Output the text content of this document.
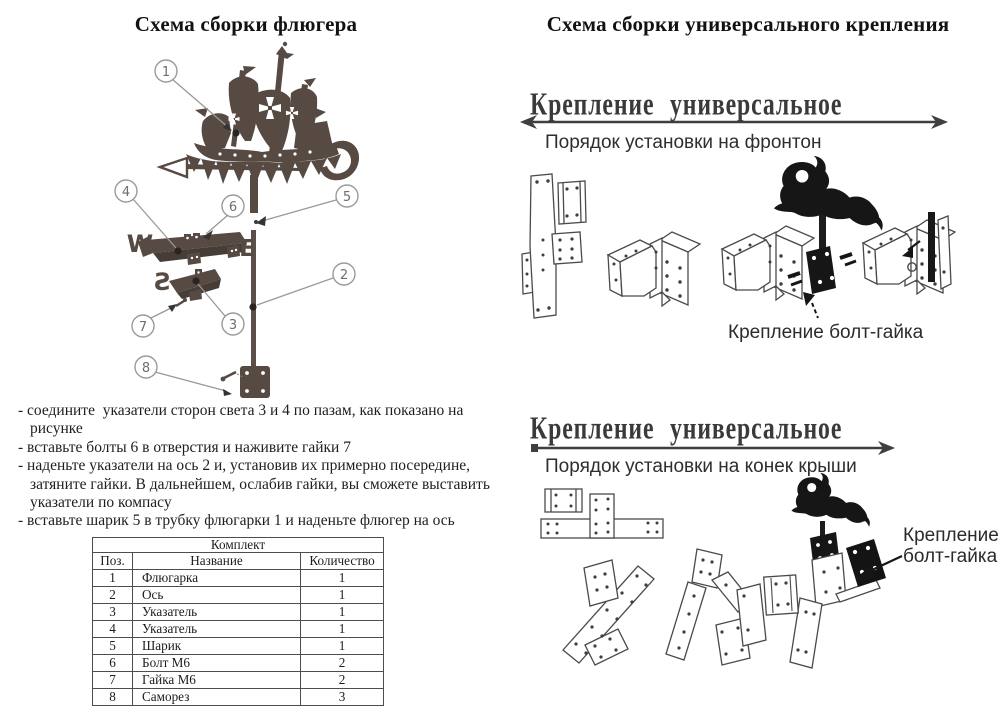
Схема сборки флюгера	Схема сборки универсального крепления
W	E
S
1
4
6
5
2
7	3
8
Крепление универсальное
Порядок установки на фронтон
Крепление болт-гайка
Крепление универсальное
Порядок установки на конек крыши
Крепление
болт-гайка
- соедините  указатели сторон света 3 и 4 по пазам, как показано на
рисунке
- вставьте болты 6 в отверстия и наживите гайки 7
- наденьте указатели на ось 2 и, установив их примерно посередине,
затяните гайки. В дальнейшем, ослабив гайки, вы сможете выставить
указатели по компасу
- вставьте шарик 5 в трубку флюгарки 1 и наденьте флюгер на ось
Комплект		
Поз.	Название	Количество
1	Флюгарка	1
2	Ось	1
3	Указатель	1
4	Указатель	1
5	Шарик	1
6	Болт М6	2
7	Гайка М6	2
8	Саморез	3
